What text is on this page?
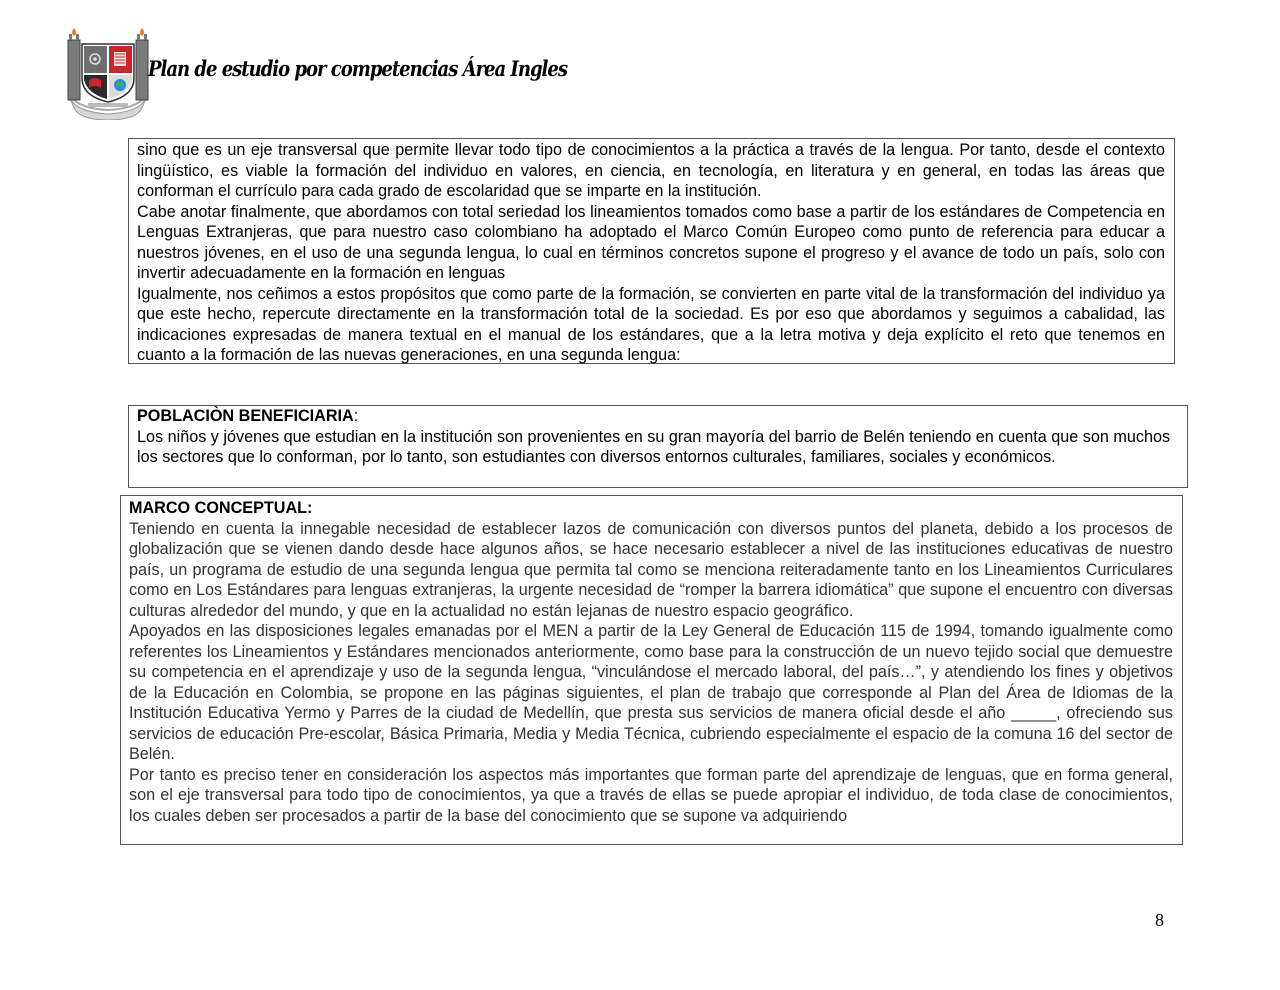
Plan de estudio por competencias Área Ingles

sino que es un eje transversal que permite llevar todo tipo de conocimientos a la práctica a través de la lengua. Por tanto, desde el contexto lingüístico, es viable la formación del individuo en valores, en ciencia, en tecnología, en literatura y en general, en todas las áreas que conforman el currículo para cada grado de escolaridad que se imparte en la institución.

Cabe anotar finalmente, que abordamos con total seriedad los lineamientos tomados como base a partir de los estándares de Competencia en Lenguas Extranjeras, que para nuestro caso colombiano ha adoptado el Marco Común Europeo como punto de referencia para educar a nuestros jóvenes, en el uso de una segunda lengua, lo cual en términos concretos supone el progreso y el avance de todo un país, solo con invertir adecuadamente en la formación en lenguas

Igualmente, nos ceñimos a estos propósitos que como parte de la formación, se convierten en parte vital de la transformación del individuo ya que este hecho, repercute directamente en la transformación total de la sociedad. Es por eso que abordamos y seguimos a cabalidad, las indicaciones expresadas de manera textual en el manual de los estándares, que a la letra motiva y deja explícito el reto que tenemos en cuanto a la formación de las nuevas generaciones, en una segunda lengua:

POBLACIÒN BENEFICIARIA:

Los niños y jóvenes que estudian en la institución son provenientes en su gran mayoría del barrio de Belén teniendo en cuenta que son muchos los sectores que lo conforman, por lo tanto, son estudiantes con diversos entornos culturales, familiares, sociales y económicos.

MARCO CONCEPTUAL:

Teniendo en cuenta la innegable necesidad de establecer lazos de comunicación con diversos puntos del planeta, debido a los procesos de globalización que se vienen dando desde hace algunos años, se hace necesario establecer a nivel de las instituciones educativas de nuestro país, un programa de estudio de una segunda lengua que permita tal como se menciona reiteradamente tanto en los Lineamientos Curriculares como en Los Estándares para lenguas extranjeras, la urgente necesidad de “romper la barrera idiomática” que supone el encuentro con diversas culturas alrededor del mundo, y que en la actualidad no están lejanas de nuestro espacio geográfico.

Apoyados en las disposiciones legales emanadas por el MEN a partir de la Ley General de Educación 115 de 1994, tomando igualmente como referentes los Lineamientos y Estándares mencionados anteriormente, como base para la construcción de un nuevo tejido social que demuestre su competencia en el aprendizaje y uso de la segunda lengua, “vinculándose el mercado laboral, del país…”, y atendiendo los fines y objetivos de la Educación en Colombia, se propone en las páginas siguientes, el plan de trabajo que corresponde al Plan del Área de Idiomas de la Institución Educativa Yermo y Parres de la ciudad de Medellín, que presta sus servicios de manera oficial desde el año _____, ofreciendo sus servicios de educación Pre-escolar, Básica Primaria, Media y Media Técnica, cubriendo especialmente el espacio de la comuna 16 del sector de Belén.

Por tanto es preciso tener en consideración los aspectos más importantes que forman parte del aprendizaje de lenguas, que en forma general, son el eje transversal para todo tipo de conocimientos, ya que a través de ellas se puede apropiar el individuo, de toda clase de conocimientos, los cuales deben ser procesados a partir de la base del conocimiento que se supone va adquiriendo

8
